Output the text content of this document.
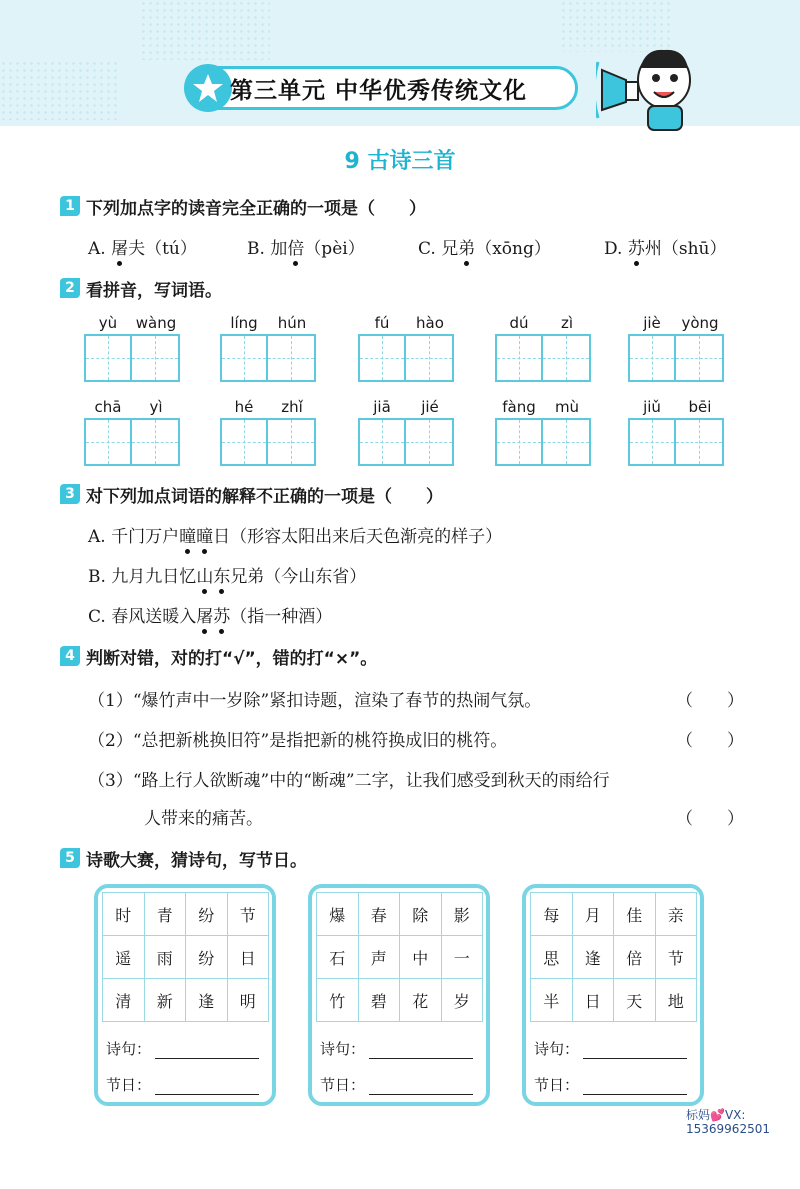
第三单元 中华优秀传统文化
9 古诗三首
1 下列加点字的读音完全正确的一项是（　　）
A. 屠夫（tú）	B. 加倍（pèi）	C. 兄弟（xōng）	D. 苏州（shū）
2 看拼音，写词语。
yù	wàng	líng	hún	fú	hào	dú	zì	jiè	yòng
chā	yì	hé	zhǐ	jiā	jié	fàng	mù	jiǔ	bēi
3 对下列加点词语的解释不正确的一项是（　　）
A. 千门万户曈曈日（形容太阳出来后天色渐亮的样子）
B. 九月九日忆山东兄弟（今山东省）
C. 春风送暖入屠苏（指一种酒）
4 判断对错，对的打“√”，错的打“×”。
（1）“爆竹声中一岁除”紧扣诗题，渲染了春节的热闹气氛。	（　　）
（2）“总把新桃换旧符”是指把新的桃符换成旧的桃符。	（　　）
（3）“路上行人欲断魂”中的“断魂”二字，让我们感受到秋天的雨给行
人带来的痛苦。	（　　）
5 诗歌大赛，猜诗句，写节日。
时	青	纷	节
遥	雨	纷	日
清	新	逢	明
诗句：
节日：
爆	春	除	影
石	声	中	一
竹	碧	花	岁
诗句：
节日：
每	月	佳	亲
思	逢	倍	节
半	日	天	地
诗句：
节日：
标妈💕VX:
15369962501
